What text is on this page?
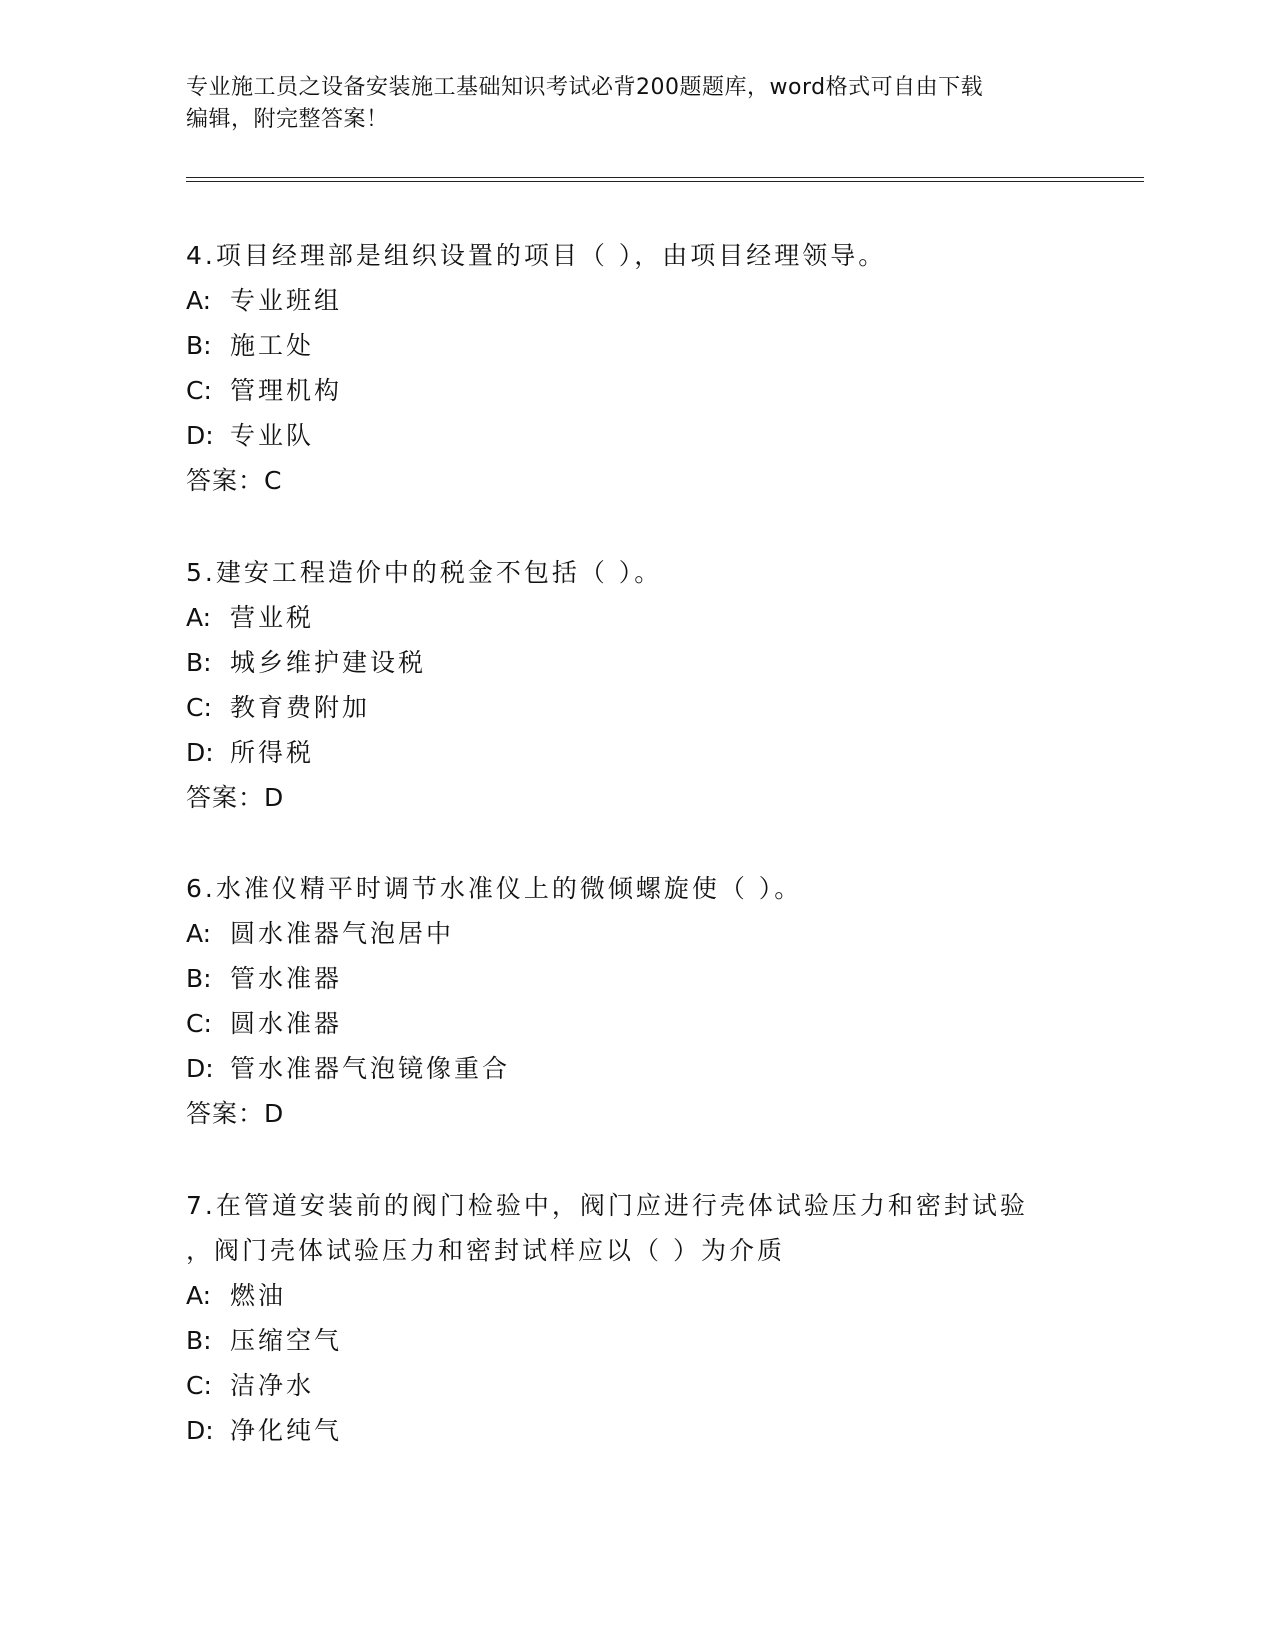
专业施工员之设备安装施工基础知识考试必背200题题库，word格式可自由下载
编辑，附完整答案！
4.项目经理部是组织设置的项目（ ），由项目经理领导。
A: 专业班组
B: 施工处
C: 管理机构
D: 专业队
答案：C
5.建安工程造价中的税金不包括（ ）。
A: 营业税
B: 城乡维护建设税
C: 教育费附加
D: 所得税
答案：D
6.水准仪精平时调节水准仪上的微倾螺旋使（ ）。
A: 圆水准器气泡居中
B: 管水准器
C: 圆水准器
D: 管水准器气泡镜像重合
答案：D
7.在管道安装前的阀门检验中，阀门应进行壳体试验压力和密封试验
，阀门壳体试验压力和密封试样应以（ ）为介质
A: 燃油
B: 压缩空气
C: 洁净水
D: 净化纯气
